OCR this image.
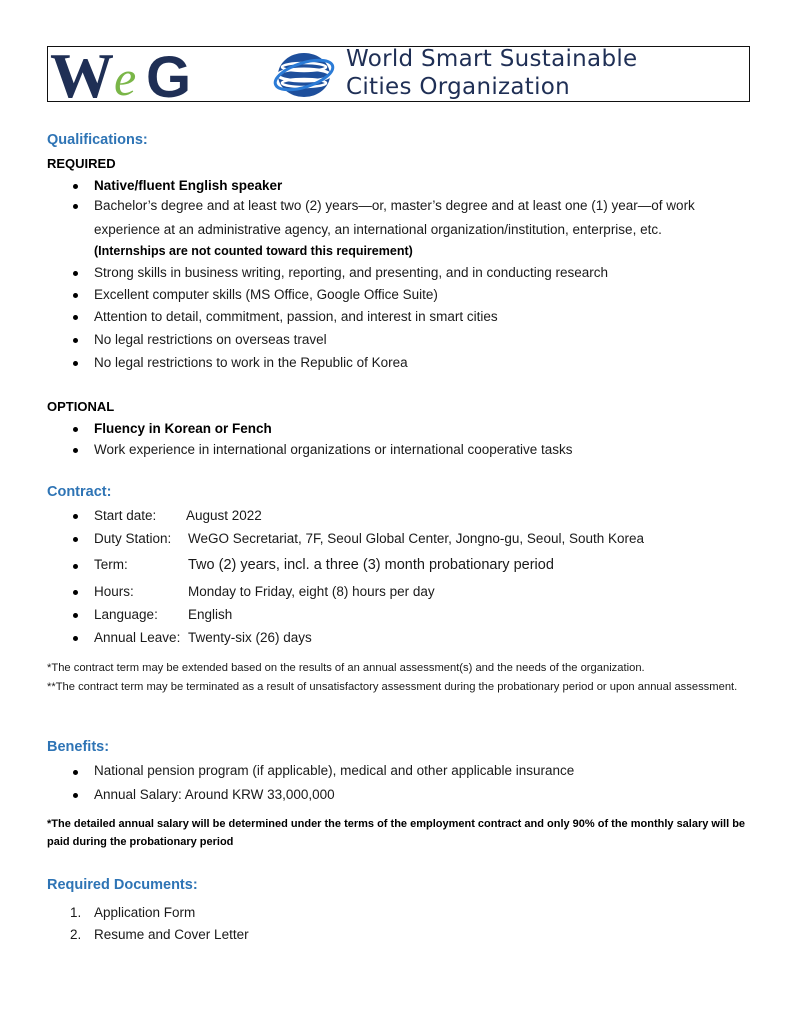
W e G	World Smart Sustainable
Cities Organization
Qualifications:
REQUIRED
Native/fluent English speaker
Bachelor’s degree and at least two (2) years—or, master’s degree and at least one (1) year—of work
experience at an administrative agency, an international organization/institution, enterprise, etc.
(Internships are not counted toward this requirement)
Strong skills in business writing, reporting, and presenting, and in conducting research
Excellent computer skills (MS Office, Google Office Suite)
Attention to detail, commitment, passion, and interest in smart cities
No legal restrictions on overseas travel
No legal restrictions to work in the Republic of Korea
OPTIONAL
Fluency in Korean or Fench
Work experience in international organizations or international cooperative tasks
Contract:
Start date: August 2022
Duty Station: WeGO Secretariat, 7F, Seoul Global Center, Jongno-gu, Seoul, South Korea
Term:	Two (2) years, incl. a three (3) month probationary period
Hours:	Monday to Friday, eight (8) hours per day
Language: English
Annual Leave: Twenty-six (26) days
*The contract term may be extended based on the results of an annual assessment(s) and the needs of the organization.
**The contract term may be terminated as a result of unsatisfactory assessment during the probationary period or upon annual assessment.
Benefits:
National pension program (if applicable), medical and other applicable insurance
Annual Salary: Around KRW 33,000,000
*The detailed annual salary will be determined under the terms of the employment contract and only 90% of the monthly salary will be paid during the probationary period
Required Documents:
1. Application Form
2. Resume and Cover Letter
